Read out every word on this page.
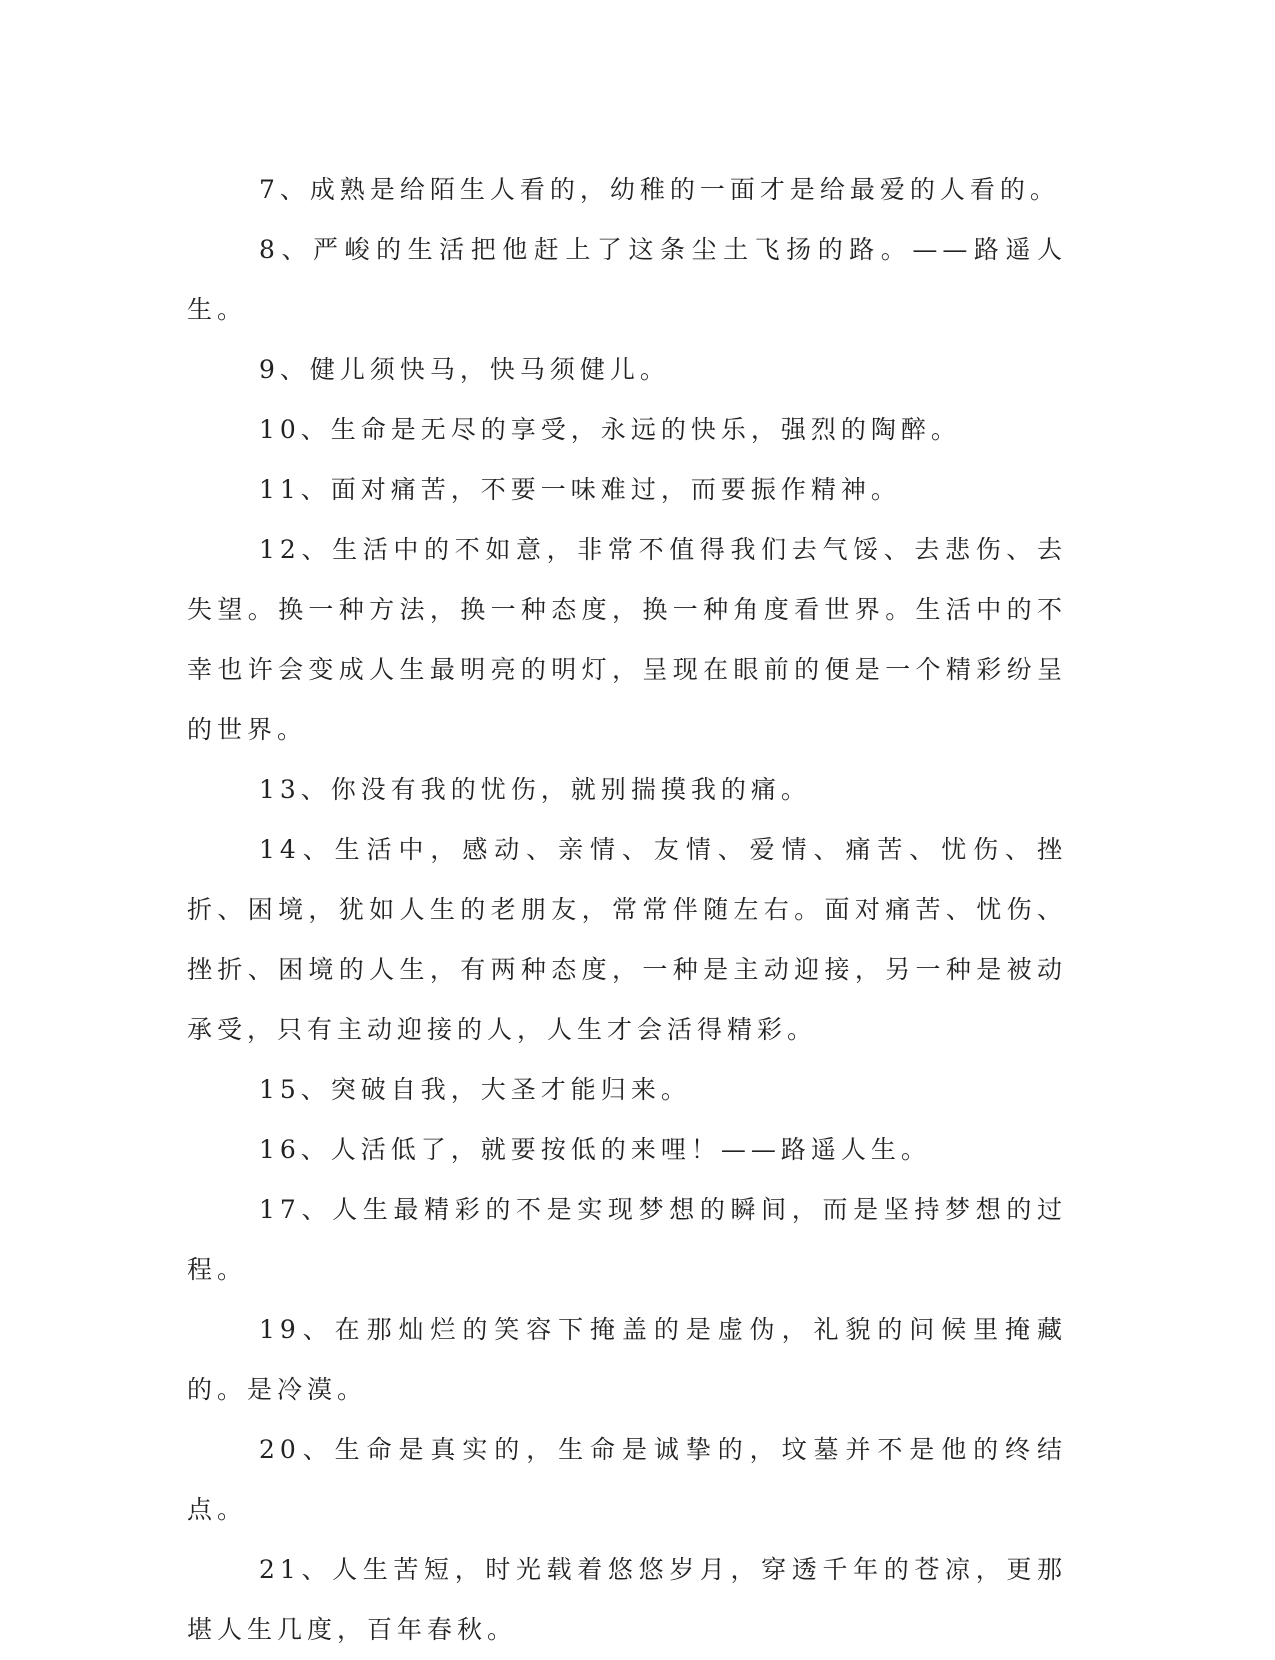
7、成熟是给陌生人看的，幼稚的一面才是给最爱的人看的。

8、严峻的生活把他赶上了这条尘土飞扬的路。——路遥人生。

9、健儿须快马，快马须健儿。

10、生命是无尽的享受，永远的快乐，强烈的陶醉。

11、面对痛苦，不要一味难过，而要振作精神。

12、生活中的不如意，非常不值得我们去气馁、去悲伤、去失望。换一种方法，换一种态度，换一种角度看世界。生活中的不幸也许会变成人生最明亮的明灯，呈现在眼前的便是一个精彩纷呈的世界。

13、你没有我的忧伤，就别揣摸我的痛。

14、生活中，感动、亲情、友情、爱情、痛苦、忧伤、挫折、困境，犹如人生的老朋友，常常伴随左右。面对痛苦、忧伤、挫折、困境的人生，有两种态度，一种是主动迎接，另一种是被动承受，只有主动迎接的人，人生才会活得精彩。

15、突破自我，大圣才能归来。

16、人活低了，就要按低的来哩！——路遥人生。

17、人生最精彩的不是实现梦想的瞬间，而是坚持梦想的过程。

19、在那灿烂的笑容下掩盖的是虚伪，礼貌的问候里掩藏的。是冷漠。

20、生命是真实的，生命是诚挚的，坟墓并不是他的终结点。

21、人生苦短，时光载着悠悠岁月，穿透千年的苍凉，更那堪人生几度，百年春秋。
